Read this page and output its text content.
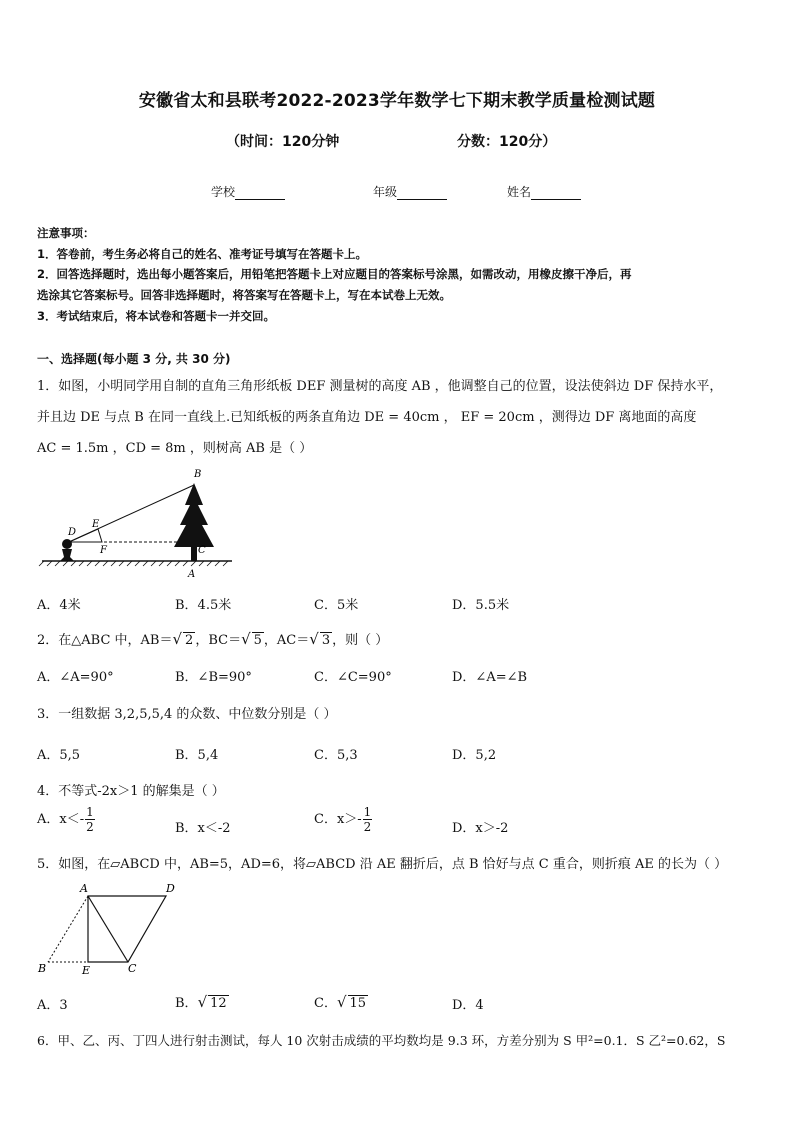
安徽省太和县联考2022-2023学年数学七下期末教学质量检测试题
（时间：120分钟	分数：120分）
学校	年级	姓名
注意事项：
1．答卷前，考生务必将自己的姓名、准考证号填写在答题卡上。
2．回答选择题时，选出每小题答案后，用铅笔把答题卡上对应题目的答案标号涂黑，如需改动，用橡皮擦干净后，再
选涂其它答案标号。回答非选择题时，将答案写在答题卡上，写在本试卷上无效。
3．考试结束后，将本试卷和答题卡一并交回。
一、选择题(每小题 3 分, 共 30 分)
1．如图，小明同学用自制的直角三角形纸板 DEF 测量树的高度 AB ，他调整自己的位置，设法使斜边 DF 保持水平，
并且边 DE 与点 B 在同一直线上.已知纸板的两条直角边 DE = 40cm ， EF = 20cm ，测得边 DF 离地面的高度
AC = 1.5m ，CD = 8m ，则树高 AB 是（ ）
B
E
D
F	C
A
A．4米	B．4.5米	C．5米	D．5.5米
2．在△ABC 中，AB＝√ 2 ，BC＝√ 5 ，AC＝√ 3 ，则（ ）
A．∠A=90°	B．∠B=90°	C．∠C=90°	D．∠A=∠B
3．一组数据 3,2,5,5,4 的众数、中位数分别是（ ）
A．5,5	B．5,4	C．5,3	D．5,2
4．不等式-2x＞1 的解集是（ ）
A．$x<- \frac{1}{2}$	B．x＜-2
C．$x>- \frac{1}{2}$	D．x＞-2
5．如图，在▱ABCD 中，AB=5，AD=6，将▱ABCD 沿 AE 翻折后，点 B 恰好与点 C 重合，则折痕 AE 的长为（ ）
A	D
B	E	C
A．3	B．√ 12	C．√ 15	D．4
6．甲、乙、丙、丁四人进行射击测试，每人 10 次射击成绩的平均数均是 9.3 环，方差分别为 S 甲²=0.1．S 乙²=0.62，S
